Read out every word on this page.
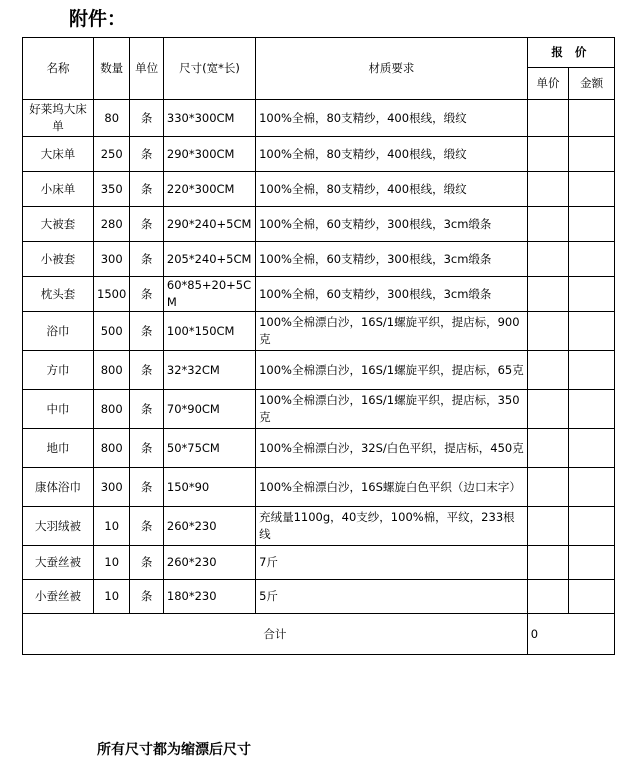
附件：
名称	数量	单位	尺寸(宽*长)	材质要求	报 价	
					单价	金额
好莱坞大床单	80	条	330*300CM	100%全棉，80支精纱，400根线，缎纹		
大床单	250	条	290*300CM	100%全棉，80支精纱，400根线，缎纹		
小床单	350	条	220*300CM	100%全棉，80支精纱，400根线，缎纹		
大被套	280	条	290*240+5CM	100%全棉，60支精纱，300根线，3cm缎条		
小被套	300	条	205*240+5CM	100%全棉，60支精纱，300根线，3cm缎条		
枕头套	1500	条	60*85+20+5CM	100%全棉，60支精纱，300根线，3cm缎条		
浴巾	500	条	100*150CM	100%全棉漂白沙，16S/1螺旋平织，提店标，900克		
方巾	800	条	32*32CM	100%全棉漂白沙，16S/1螺旋平织，提店标，65克		
中巾	800	条	70*90CM	100%全棉漂白沙，16S/1螺旋平织，提店标，350克		
地巾	800	条	50*75CM	100%全棉漂白沙，32S/白色平织，提店标，450克		
康体浴巾	300	条	150*90	100%全棉漂白沙，16S螺旋白色平织（边口末字）		
大羽绒被	10	条	260*230	充绒量1100g，40支纱，100%棉，平纹，233根线		
大蚕丝被	10	条	260*230	7斤		
小蚕丝被	10	条	180*230	5斤		
合计					0	
所有尺寸都为缩漂后尺寸
